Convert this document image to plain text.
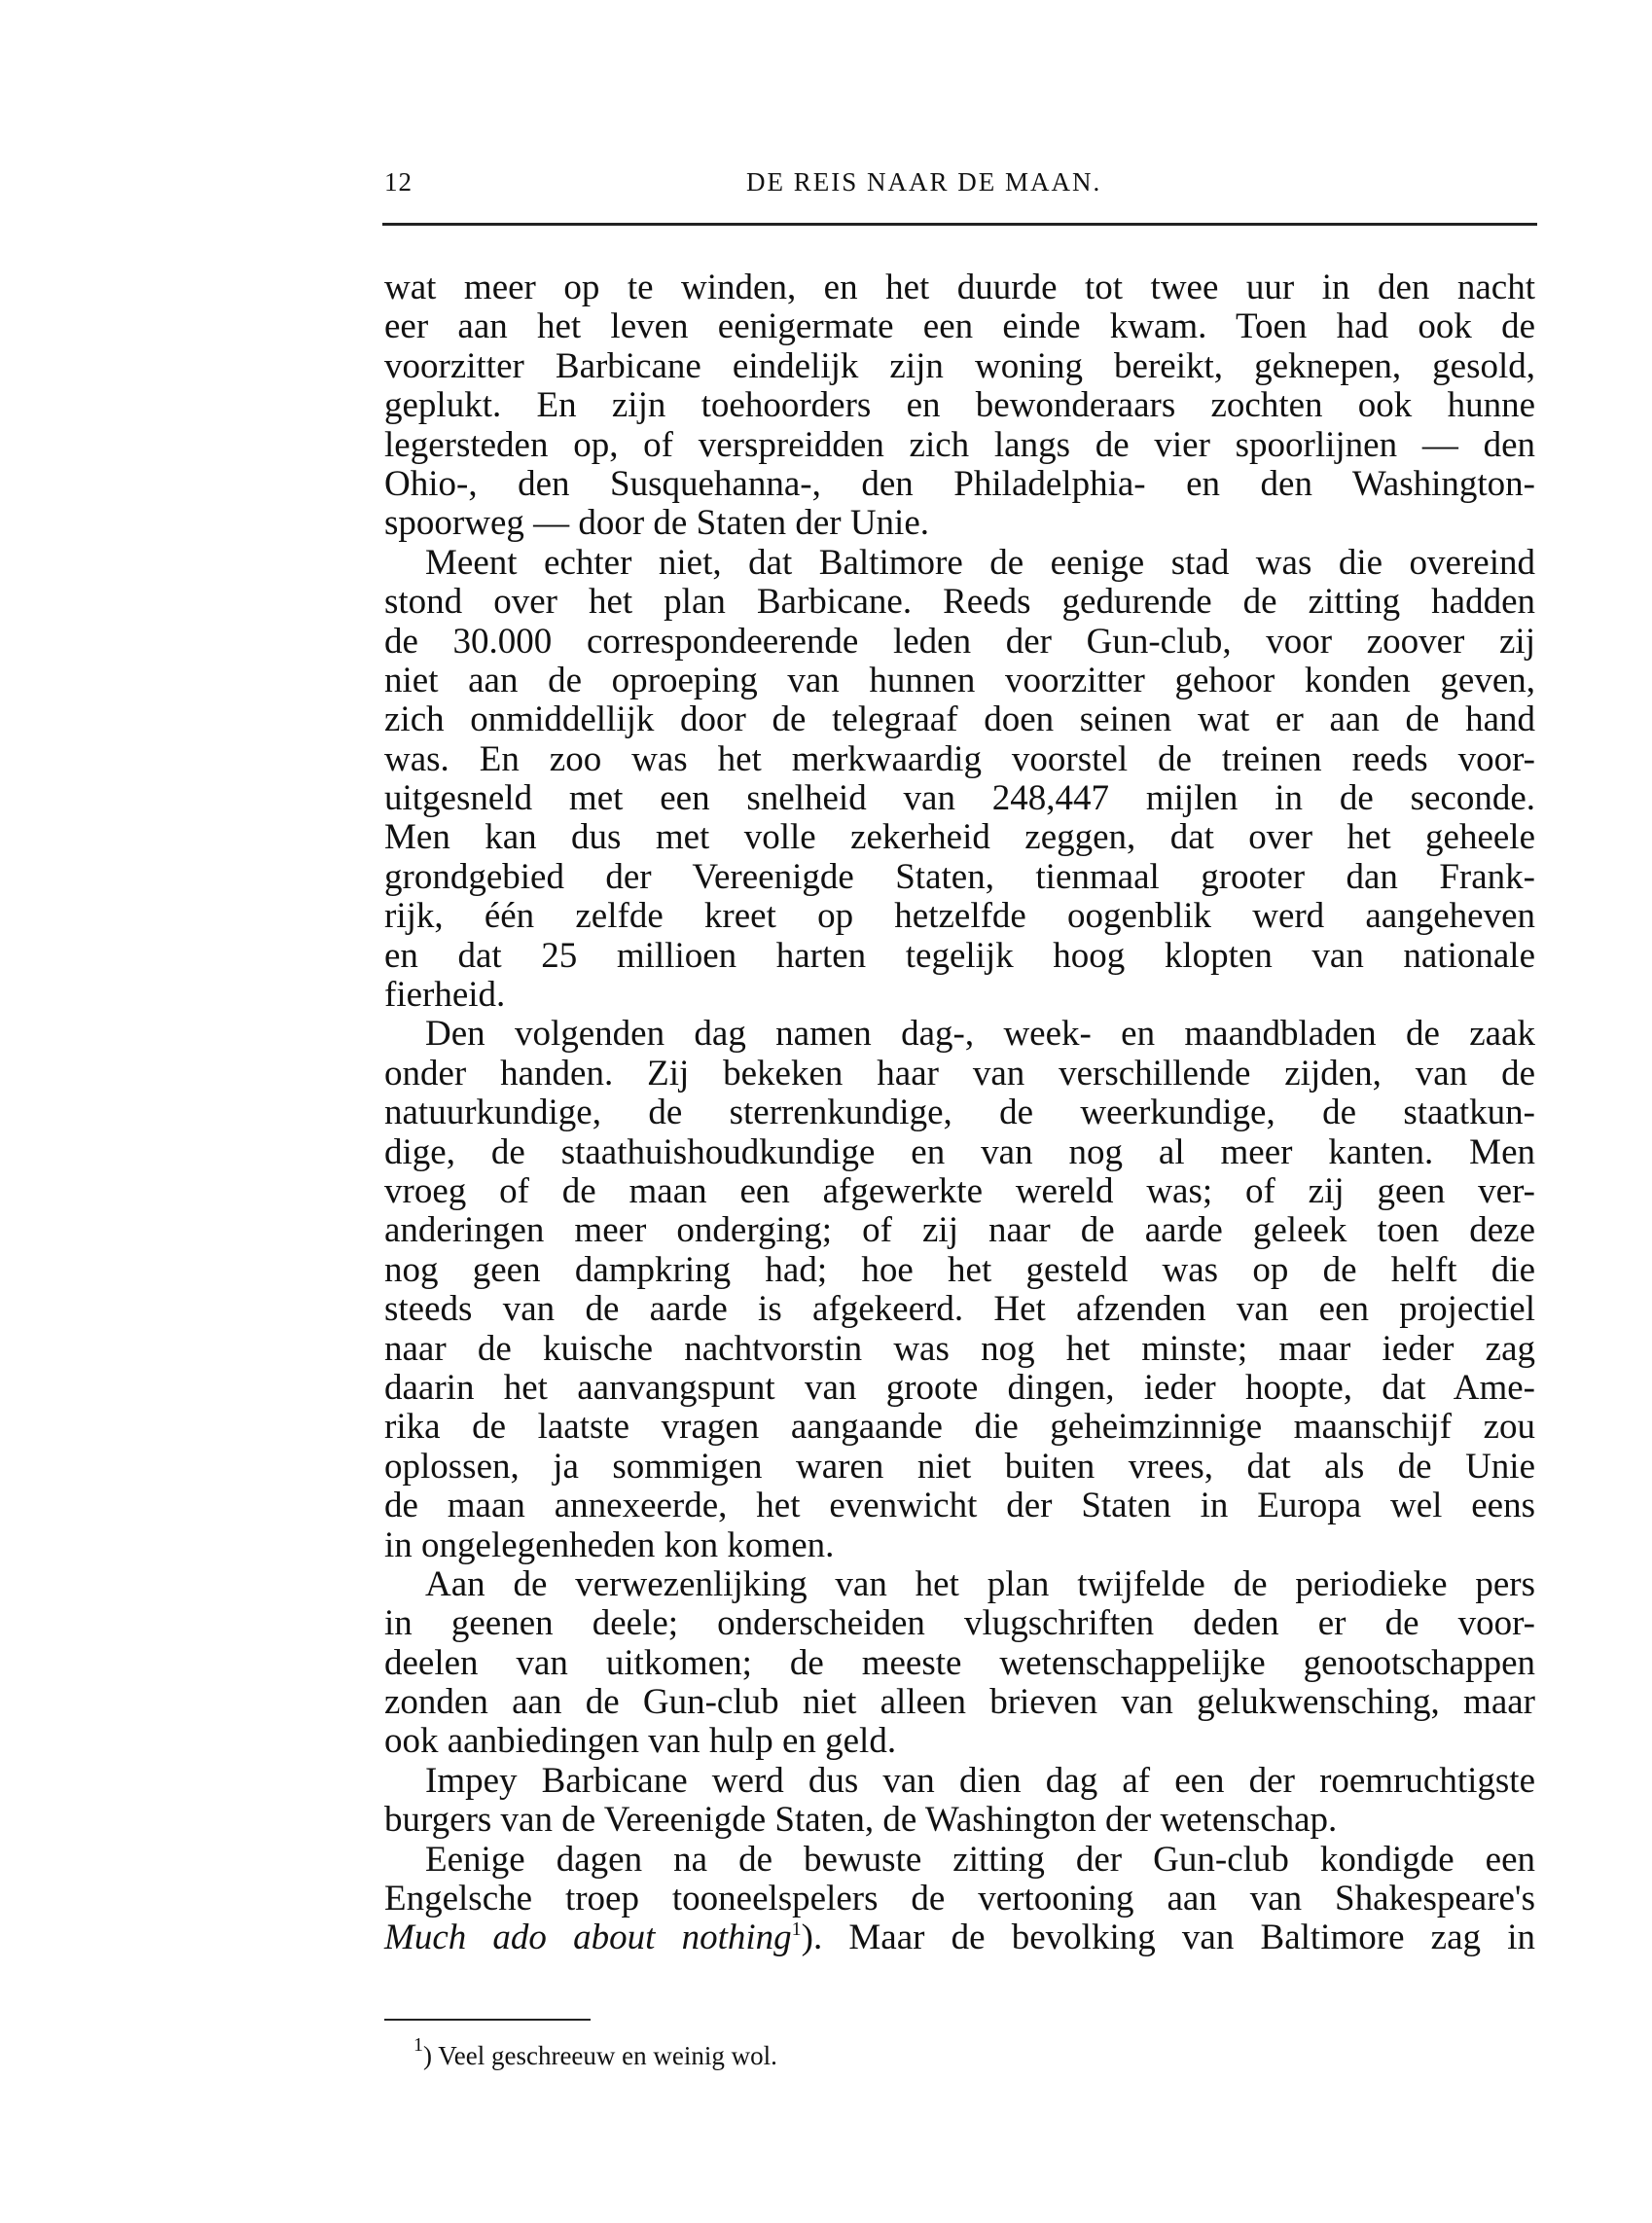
12	DE REIS NAAR DE MAAN.
wat meer op te winden, en het duurde tot twee uur in den nacht
eer aan het leven eenigermate een einde kwam. Toen had ook de
voorzitter Barbicane eindelijk zijn woning bereikt, geknepen, gesold,
geplukt. En zijn toehoorders en bewonderaars zochten ook hunne
legersteden op, of verspreidden zich langs de vier spoorlijnen — den
Ohio-, den Susquehanna-, den Philadelphia- en den Washington-
spoorweg — door de Staten der Unie.
Meent echter niet, dat Baltimore de eenige stad was die overeind
stond over het plan Barbicane. Reeds gedurende de zitting hadden
de 30.000 correspondeerende leden der Gun-club, voor zoover zij
niet aan de oproeping van hunnen voorzitter gehoor konden geven,
zich onmiddellijk door de telegraaf doen seinen wat er aan de hand
was. En zoo was het merkwaardig voorstel de treinen reeds voor-
uitgesneld met een snelheid van 248,447 mijlen in de seconde.
Men kan dus met volle zekerheid zeggen, dat over het geheele
grondgebied der Vereenigde Staten, tienmaal grooter dan Frank-
rijk, één zelfde kreet op hetzelfde oogenblik werd aangeheven
en dat 25 millioen harten tegelijk hoog klopten van nationale
fierheid.
Den volgenden dag namen dag-, week- en maandbladen de zaak
onder handen. Zij bekeken haar van verschillende zijden, van de
natuurkundige, de sterrenkundige, de weerkundige, de staatkun-
dige, de staathuishoudkundige en van nog al meer kanten. Men
vroeg of de maan een afgewerkte wereld was; of zij geen ver-
anderingen meer onderging; of zij naar de aarde geleek toen deze
nog geen dampkring had; hoe het gesteld was op de helft die
steeds van de aarde is afgekeerd. Het afzenden van een projectiel
naar de kuische nachtvorstin was nog het minste; maar ieder zag
daarin het aanvangspunt van groote dingen, ieder hoopte, dat Ame-
rika de laatste vragen aangaande die geheimzinnige maanschijf zou
oplossen, ja sommigen waren niet buiten vrees, dat als de Unie
de maan annexeerde, het evenwicht der Staten in Europa wel eens
in ongelegenheden kon komen.
Aan de verwezenlijking van het plan twijfelde de periodieke pers
in geenen deele; onderscheiden vlugschriften deden er de voor-
deelen van uitkomen; de meeste wetenschappelijke genootschappen
zonden aan de Gun-club niet alleen brieven van gelukwensching, maar
ook aanbiedingen van hulp en geld.
Impey Barbicane werd dus van dien dag af een der roemruchtigste
burgers van de Vereenigde Staten, de Washington der wetenschap.
Eenige dagen na de bewuste zitting der Gun-club kondigde een
Engelsche troep tooneelspelers de vertooning aan van Shakespeare's
Much ado about nothing$^1$). Maar de bevolking van Baltimore zag in
$^1$) Veel geschreeuw en weinig wol.
